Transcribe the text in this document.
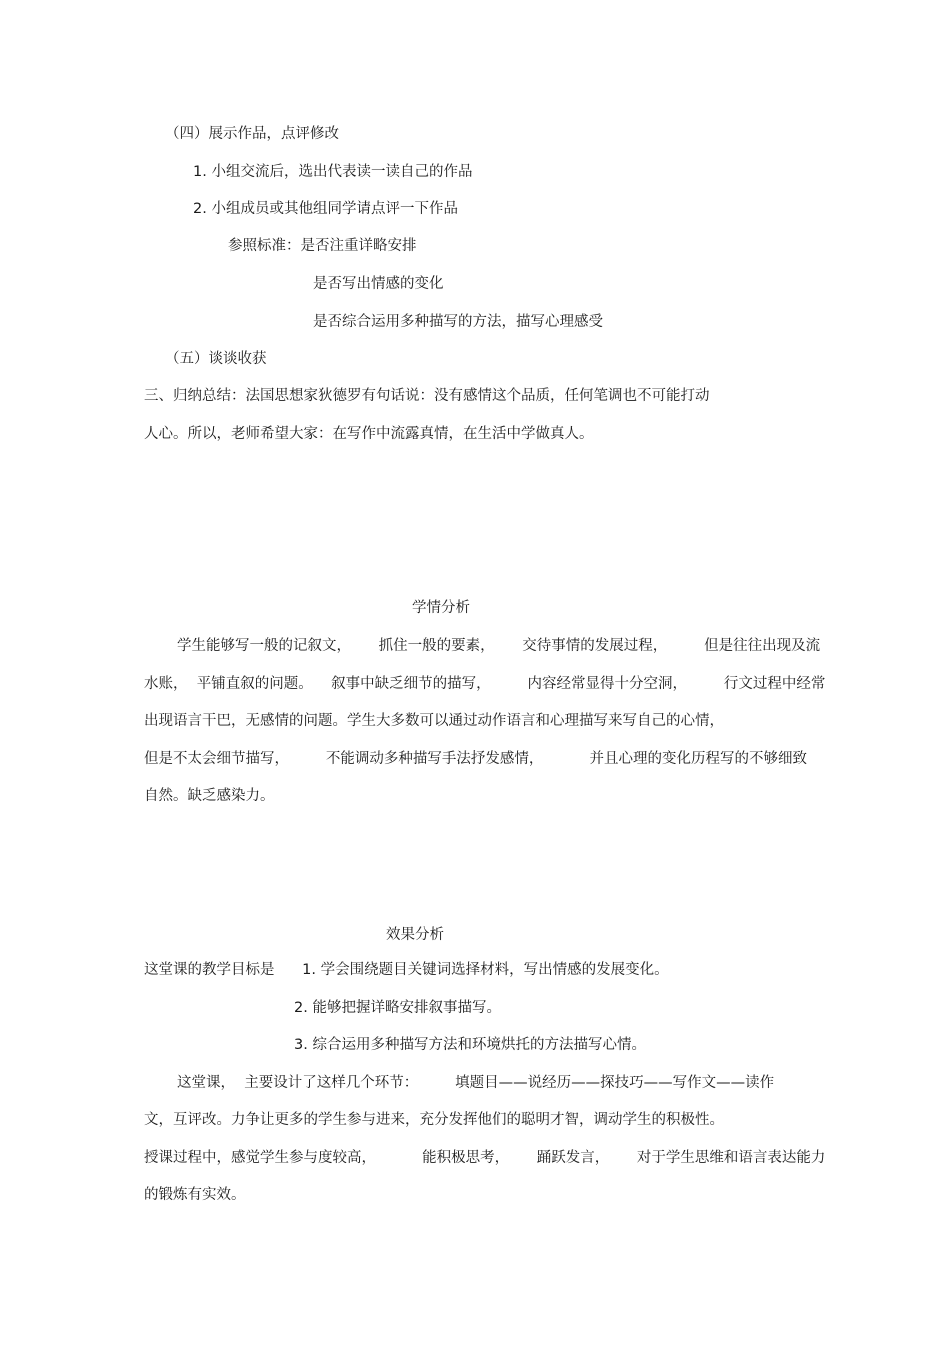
（四）展示作品，点评修改

1. 小组交流后，选出代表读一读自己的作品

2. 小组成员或其他组同学请点评一下作品

参照标准：是否注重详略安排

是否写出情感的变化

是否综合运用多种描写的方法，描写心理感受

（五）谈谈收获

三、归纳总结：法国思想家狄德罗有句话说：没有感情这个品质，任何笔调也不可能打动

人心。所以，老师希望大家：在写作中流露真情，在生活中学做真人。

学情分析

学生能够写一般的记叙文，      抓住一般的要素，      交待事情的发展过程，        但是往往出现及流

水账，  平铺直叙的问题。    叙事中缺乏细节的描写，        内容经常显得十分空洞，        行文过程中经常

出现语言干巴，无感情的问题。学生大多数可以通过动作语言和心理描写来写自己的心情，

但是不太会细节描写，        不能调动多种描写手法抒发感情，          并且心理的变化历程写的不够细致

自然。缺乏感染力。

效果分析

这堂课的教学目标是      1. 学会围绕题目关键词选择材料，写出情感的发展变化。

2. 能够把握详略安排叙事描写。

3. 综合运用多种描写方法和环境烘托的方法描写心情。

这堂课，  主要设计了这样几个环节：        填题目——说经历——探技巧——写作文——读作

文，互评改。力争让更多的学生参与进来，充分发挥他们的聪明才智，调动学生的积极性。

授课过程中，感觉学生参与度较高，          能积极思考，      踊跃发言，      对于学生思维和语言表达能力

的锻炼有实效。
